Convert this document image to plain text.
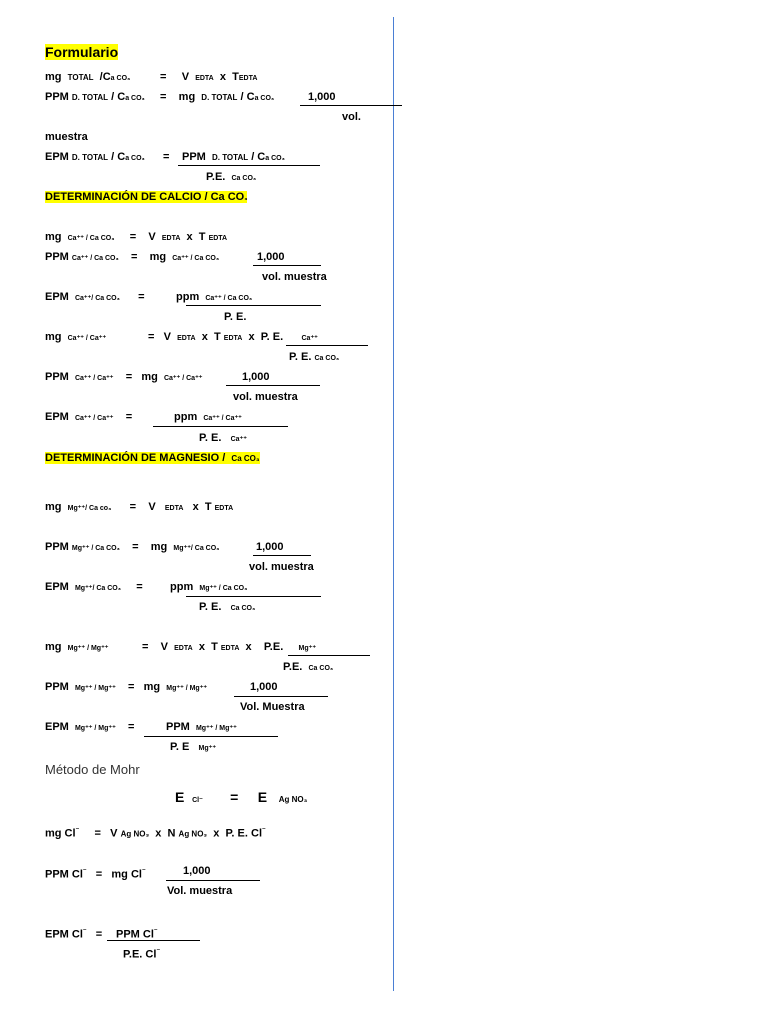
Formulario
mg TOTAL /Ca CO₃	= V EDTA x TEDTA
PPM D. TOTAL / Ca CO₃ = mg D. TOTAL / Ca CO₃	1,000
vol.
muestra
EPM D. TOTAL / Ca CO₃ = PPM D. TOTAL / Ca CO₃
P.E. Ca CO₃
DETERMINACIÓN DE CALCIO / Ca CO₃
mg Ca⁺⁺ / Ca CO₃ = V EDTA x T EDTA
PPM Ca⁺⁺ / Ca CO₃ = mg Ca⁺⁺ / Ca CO₃	1,000
vol. muestra
EPM Ca⁺⁺/ Ca CO₃ =	ppm Ca⁺⁺ / Ca CO₃
P. E.
mg Ca⁺⁺ / Ca⁺⁺	= V EDTA x T EDTA x P. E.	Ca⁺⁺
P. E. Ca CO₃
PPM Ca⁺⁺ / Ca⁺⁺ = mg Ca⁺⁺ / Ca⁺⁺	1,000
vol. muestra
EPM Ca⁺⁺ / Ca⁺⁺ =	ppm Ca⁺⁺ / Ca⁺⁺
P. E. Ca⁺⁺
DETERMINACIÓN DE MAGNESIO / Ca CO₃
mg Mg⁺⁺/ Ca co₃ = V EDTA x T EDTA
PPM Mg⁺⁺ / Ca CO₃ = mg Mg⁺⁺/ Ca CO₃	1,000
vol. muestra
EPM Mg⁺⁺/ Ca CO₃ = ppm Mg⁺⁺ / Ca CO₃
P. E. Ca CO₃
mg Mg⁺⁺ / Mg⁺⁺	= V EDTA x T EDTA x P.E. Mg⁺⁺
P.E. Ca CO₃
PPM Mg⁺⁺ / Mg⁺⁺ = mg Mg⁺⁺ / Mg⁺⁺	1,000
Vol. Muestra
EPM Mg⁺⁺ / Mg⁺⁺ =	PPM Mg⁺⁺ / Mg⁺⁺
P. E Mg⁺⁺
Método de Mohr
E Cl⁻ = E Ag NO₃
mg Cl⁻ = V Ag NO₃ x N Ag NO₃ x P. E. Cl⁻
PPM Cl⁻ = mg Cl⁻	1,000
Vol. muestra
EPM Cl⁻ = PPM Cl⁻
P.E. Cl⁻
